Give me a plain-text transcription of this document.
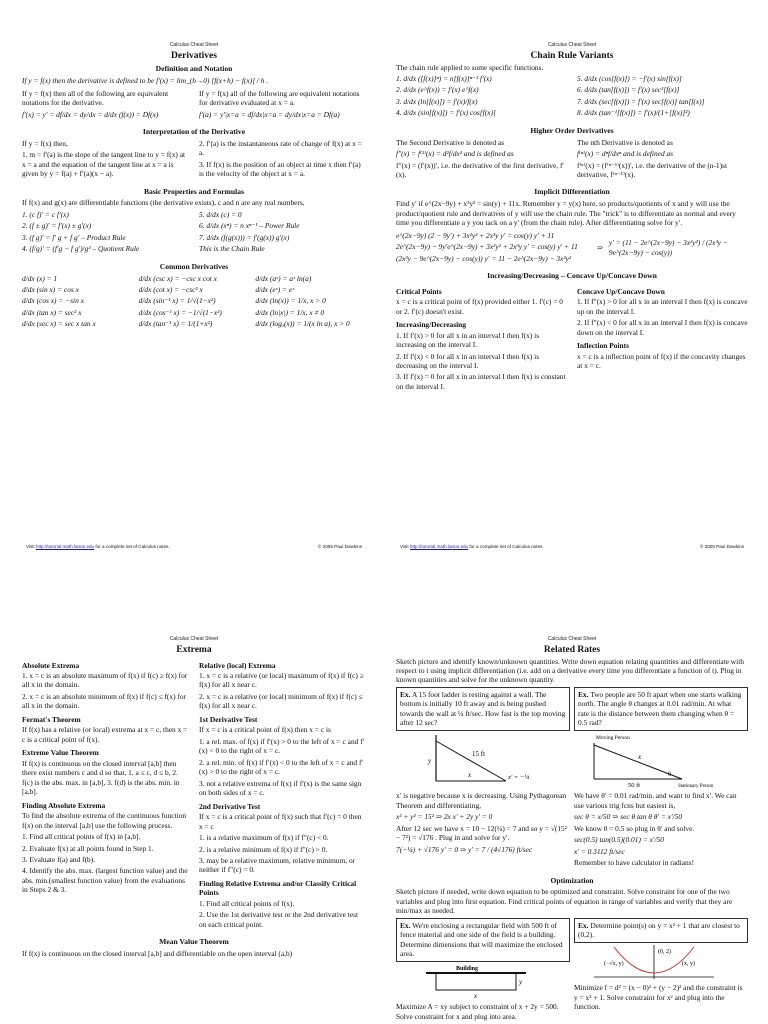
Calculus Cheat Sheet
Derivatives
Definition and Notation
If y = f(x) then the derivative is defined to be f′(x) = lim_(h→0) [f(x+h) − f(x)] / h .
If y = f(x) then all of the following are equivalent notations for the derivative.
f′(x) = y′ = df/dx = dy/dx = d/dx (f(x)) = Df(x)
If y = f(x) all of the following are equivalent notations for derivative evaluated at x = a.
f′(a) = y′|x=a = df/dx|x=a = dy/dx|x=a = Df(a)
Interpretation of the Derivative
If y = f(x) then,
1. m = f′(a) is the slope of the tangent line to y = f(x) at x = a and the equation of the tangent line at x = a is given by y = f(a) + f′(a)(x − a).
2. f′(a) is the instantaneous rate of change of f(x) at x = a.
3. If f(x) is the position of an object at time x then f′(a) is the velocity of the object at x = a.
Basic Properties and Formulas
If f(x) and g(x) are differentiable functions (the derivative exists), c and n are any real numbers,
1. (c f)′ = c f′(x)
2. (f ± g)′ = f′(x) ± g′(x)
3. (f g)′ = f′ g + f g′ – Product Rule
4. (f/g)′ = (f′g − f g′)/g² – Quotient Rule
5. d/dx (c) = 0
6. d/dx (xⁿ) = n xⁿ⁻¹ – Power Rule
7. d/dx (f(g(x))) = f′(g(x)) g′(x)
This is the Chain Rule
Common Derivatives
d/dx (x) = 1	d/dx (csc x) = −csc x cot x	d/dx (aˣ) = aˣ ln(a)
d/dx (sin x) = cos x	d/dx (cot x) = −csc² x	d/dx (eˣ) = eˣ
d/dx (cos x) = −sin x	d/dx (sin⁻¹ x) = 1/√(1−x²)	d/dx (ln(x)) = 1/x, x > 0
d/dx (tan x) = sec² x	d/dx (cos⁻¹ x) = −1/√(1−x²)	d/dx (ln|x|) = 1/x, x ≠ 0
d/dx (sec x) = sec x tan x	d/dx (tan⁻¹ x) = 1/(1+x²)	d/dx (logₐ(x)) = 1/(x ln a), x > 0
Visit http://tutorial.math.lamar.edu for a complete set of Calculus notes.	© 2005 Paul Dawkins
Calculus Cheat Sheet
Chain Rule Variants
The chain rule applied to some specific functions.
1. d/dx ([f(x)]ⁿ) = n[f(x)]ⁿ⁻¹ f′(x)
2. d/dx (e^f(x)) = f′(x) e^f(x)
3. d/dx (ln[f(x)]) = f′(x)/f(x)
4. d/dx (sin[f(x)]) = f′(x) cos[f(x)]
5. d/dx (cos[f(x)]) = −f′(x) sin[f(x)]
6. d/dx (tan[f(x)]) = f′(x) sec²[f(x)]
7. d/dx (sec[f(x)]) = f′(x) sec[f(x)] tan[f(x)]
8. d/dx (tan⁻¹[f(x)]) = f′(x)/(1+[f(x)]²)
Higher Order Derivatives
The Second Derivative is denoted as
f″(x) = f⁽²⁾(x) = d²f/dx² and is defined as
f″(x) = (f′(x))′, i.e. the derivative of the first derivative, f′(x).
The nth Derivative is denoted as
f⁽ⁿ⁾(x) = dⁿf/dxⁿ and is defined as
f⁽ⁿ⁾(x) = (f⁽ⁿ⁻¹⁾(x))′, i.e. the derivative of the (n-1)st derivative, f⁽ⁿ⁻¹⁾(x).
Implicit Differentiation
Find y′ if e^(2x−9y) + x³y² = sin(y) + 11x. Remember y = y(x) here, so products/quotients of x and y will use the product/quotient rule and derivatives of y will use the chain rule. The "trick" is to differentiate as normal and every time you differentiate a y you tack on a y′ (from the chain rule). After differentiating solve for y′.
e^(2x−9y) (2 − 9y′) + 3x²y² + 2x³y y′ = cos(y) y′ + 11
2e^(2x−9y) − 9y′e^(2x−9y) + 3x²y² + 2x³y y′ = cos(y) y′ + 11
(2x³y − 9e^(2x−9y) − cos(y)) y′ = 11 − 2e^(2x−9y) − 3x²y²
⇒
y′ = (11 − 2e^(2x−9y) − 3x²y²) / (2x³y − 9e^(2x−9y) − cos(y))
Increasing/Decreasing – Concave Up/Concave Down
Critical Points
x = c is a critical point of f(x) provided either 1. f′(c) = 0 or 2. f′(c) doesn't exist.
Increasing/Decreasing
1. If f′(x) > 0 for all x in an interval I then f(x) is increasing on the interval I.
2. If f′(x) < 0 for all x in an interval I then f(x) is decreasing on the interval I.
3. If f′(x) = 0 for all x in an interval I then f(x) is constant on the interval I.
Concave Up/Concave Down
1. If f″(x) > 0 for all x in an interval I then f(x) is concave up on the interval I.
2. If f″(x) < 0 for all x in an interval I then f(x) is concave down on the interval I.
Inflection Points
x = c is a inflection point of f(x) if the concavity changes at x = c.
Visit http://tutorial.math.lamar.edu for a complete set of Calculus notes.	© 2005 Paul Dawkins
Calculus Cheat Sheet
Extrema
Absolute Extrema
1. x = c is an absolute maximum of f(x) if f(c) ≥ f(x) for all x in the domain.
2. x = c is an absolute minimum of f(x) if f(c) ≤ f(x) for all x in the domain.
Fermat's Theorem
If f(x) has a relative (or local) extrema at x = c, then x = c is a critical point of f(x).
Extreme Value Theorem
If f(x) is continuous on the closed interval [a,b] then there exist numbers c and d so that, 1. a ≤ c, d ≤ b, 2. f(c) is the abs. max. in [a,b], 3. f(d) is the abs. min. in [a,b].
Finding Absolute Extrema
To find the absolute extrema of the continuous function f(x) on the interval [a,b] use the following process.
1. Find all critical points of f(x) in [a,b].
2. Evaluate f(x) at all points found in Step 1.
3. Evaluate f(a) and f(b).
4. Identify the abs. max. (largest function value) and the abs. min.(smallest function value) from the evaluations in Steps 2 & 3.
Relative (local) Extrema
1. x = c is a relative (or local) maximum of f(x) if f(c) ≥ f(x) for all x near c.
2. x = c is a relative (or local) minimum of f(x) if f(c) ≤ f(x) for all x near c.
1st Derivative Test
If x = c is a critical point of f(x) then x = c is
1. a rel. max. of f(x) if f′(x) > 0 to the left of x = c and f′(x) < 0 to the right of x = c.
2. a rel. min. of f(x) if f′(x) < 0 to the left of x = c and f′(x) > 0 to the right of x = c.
3. not a relative extrema of f(x) if f′(x) is the same sign on both sides of x = c.
2nd Derivative Test
If x = c is a critical point of f(x) such that f′(c) = 0 then x = c
1. is a relative maximum of f(x) if f″(c) < 0.
2. is a relative minimum of f(x) if f″(c) > 0.
3. may be a relative maximum, relative minimum, or neither if f″(c) = 0.
Finding Relative Extrema and/or Classify Critical Points
1. Find all critical points of f(x).
2. Use the 1st derivative test or the 2nd derivative test on each critical point.
Mean Value Theorem
If f(x) is continuous on the closed interval [a,b] and differentiable on the open interval (a,b)
Calculus Cheat Sheet
Related Rates
Sketch picture and identify known/unknown quantities. Write down equation relating quantities and differentiate with respect to t using implicit differentiation (i.e. add on a derivative every time you differentiate a function of t). Plug in known quantities and solve for the unknown quantity.
Ex. A 15 foot ladder is resting against a wall. The bottom is initially 10 ft away and is being pushed towards the wall at ¼ ft/sec. How fast is the top moving after 12 sec?
15 ft
y
x	x′ = −¼
x′ is negative because x is decreasing. Using Pythagorean Theorem and differentiating,
x² + y² = 15² ⇒ 2x x′ + 2y y′ = 0
After 12 sec we have x = 10 − 12(¼) = 7 and so y = √(15² − 7²) = √176 . Plug in and solve for y′.
7(−¼) + √176 y′ = 0 ⇒ y′ = 7 / (4√176) ft/sec
Ex. Two people are 50 ft apart when one starts walking north. The angle θ changes at 0.01 rad/min. At what rate is the distance between them changing when θ = 0.5 rad?
Moving Person
x
θ
50 ft	Stationary Person
We have θ′ = 0.01 rad/min. and want to find x′. We can use various trig fcns but easiest is,
sec θ = x/50 ⇒ sec θ tan θ θ′ = x′/50
We know θ = 0.5 so plug in θ′ and solve.
sec(0.5) tan(0.5)(0.01) = x′/50
x′ = 0.3112 ft/sec
Remember to have calculator in radians!
Optimization
Sketch picture if needed, write down equation to be optimized and constraint. Solve constraint for one of the two variables and plug into first equation. Find critical points of equation in range of variables and verify that they are min/max as needed.
Ex. We're enclosing a rectangular field with 500 ft of fence material and one side of the field is a building. Determine dimensions that will maximize the enclosed area.
Building
y
x
Maximize A = xy subject to constraint of x + 2y = 500. Solve constraint for x and plug into area.
Ex. Determine point(s) on y = x² + 1 that are closest to (0,2).
(0, 2)
(−√x, y)	(x, y)
Minimize f = d² = (x − 0)² + (y − 2)² and the constraint is y = x² + 1. Solve constraint for x² and plug into the function.
